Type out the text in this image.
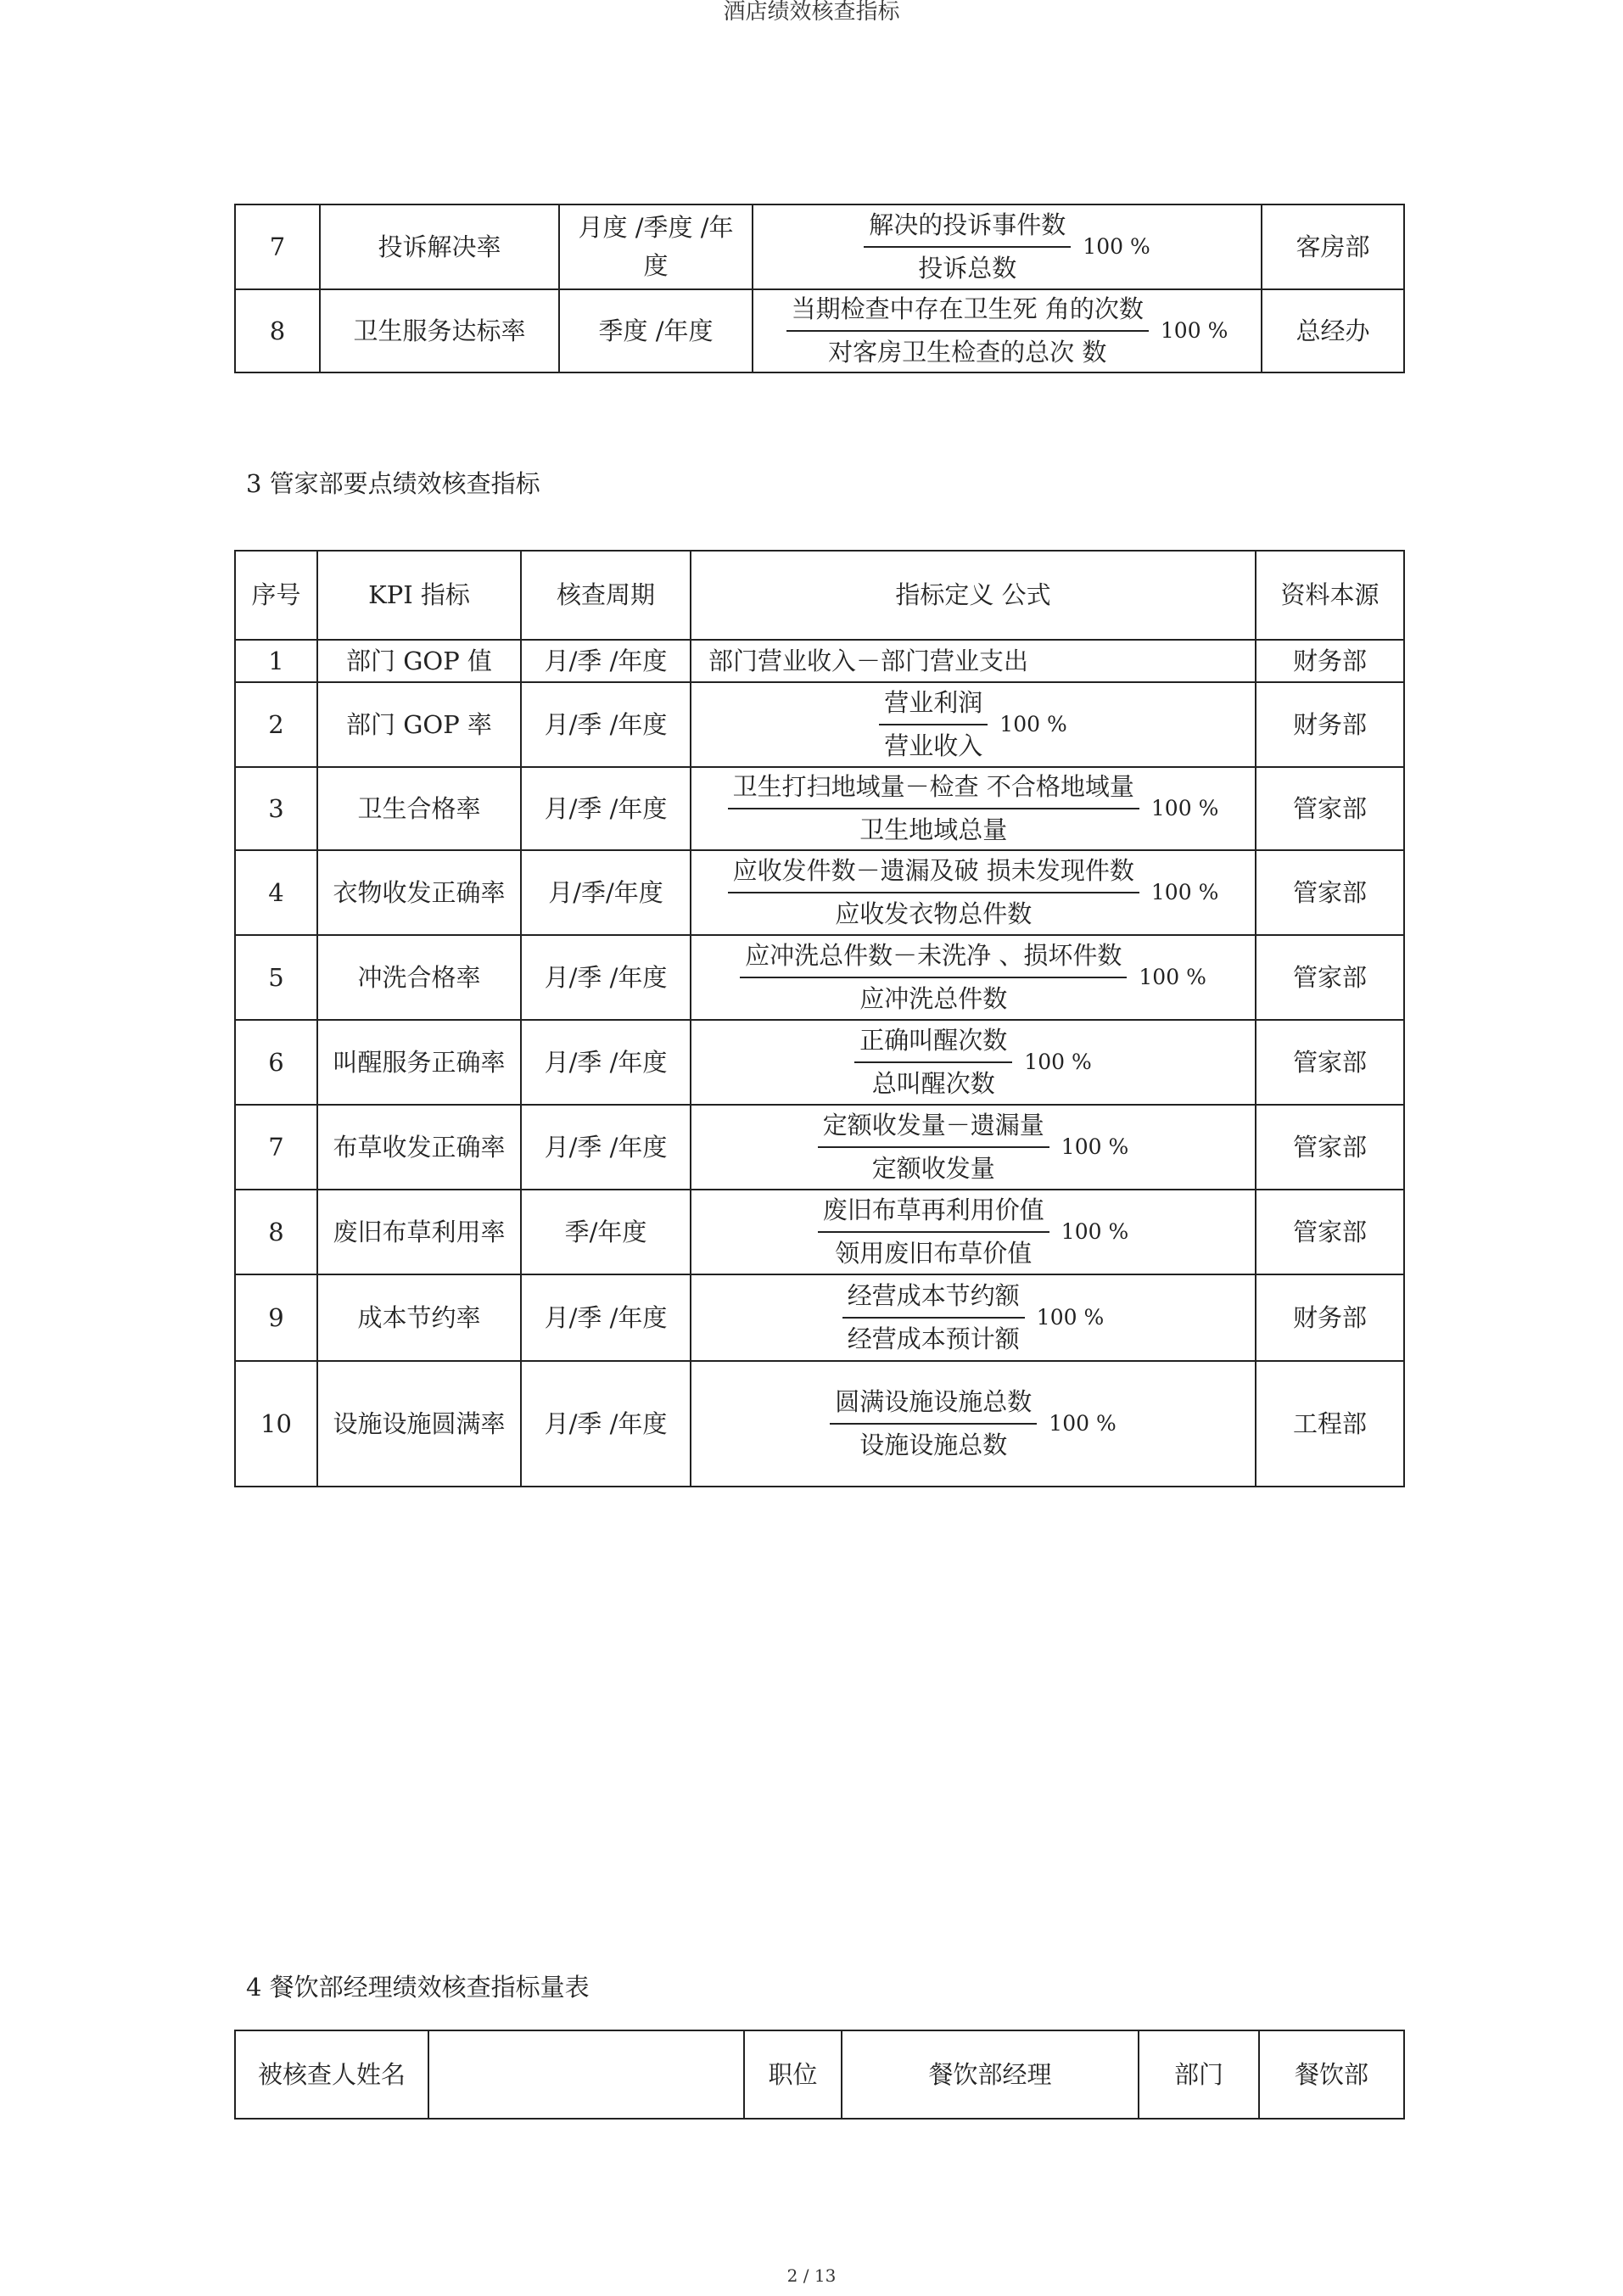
酒店绩效核查指标
7	投诉解决率	月度 /季度 /年度	$\frac{\text{解决的投诉事件数}}{\text{投诉总数}} 100$ %	客房部
8	卫生服务达标率	季度 /年度	$\frac{\text{当期检查中存在卫生死 角的次数}}{\text{对客房卫生检查的总次 数}} 100$ %	总经办
3 管家部要点绩效核查指标
序号	KPI 指标	核查周期	指标定义 公式	资料本源
1	部门 GOP 值	月/季 /年度	部门营业收入－部门营业支出	财务部
2	部门 GOP 率	月/季 /年度	$\frac{\text{营业利润}}{\text{营业收入}} 100$ %	财务部
3	卫生合格率	月/季 /年度	$\frac{\text{卫生打扫地域量－检查 不合格地域量}}{\text{卫生地域总量}} 100$ %	管家部
4	衣物收发正确率	月/季/年度	$\frac{\text{应收发件数－遗漏及破 损未发现件数}}{\text{应收发衣物总件数}} 100$ %	管家部
5	冲洗合格率	月/季 /年度	$\frac{\text{应冲洗总件数－未洗净 、损坏件数}}{\text{应冲洗总件数}} 100$ %	管家部
6	叫醒服务正确率	月/季 /年度	$\frac{\text{正确叫醒次数}}{\text{总叫醒次数}} 100$ %	管家部
7	布草收发正确率	月/季 /年度	$\frac{\text{定额收发量－遗漏量}}{\text{定额收发量}} 100$ %	管家部
8	废旧布草利用率	季/年度	$\frac{\text{废旧布草再利用价值}}{\text{领用废旧布草价值}} 100$ %	管家部
9	成本节约率	月/季 /年度	$\frac{\text{经营成本节约额}}{\text{经营成本预计额}} 100$ %	财务部
10	设施设施圆满率	月/季 /年度	$\frac{\text{圆满设施设施总数}}{\text{设施设施总数}} 100$ %	工程部
4 餐饮部经理绩效核查指标量表
被核查人姓名		职位	餐饮部经理	部门	餐饮部
2 / 13
